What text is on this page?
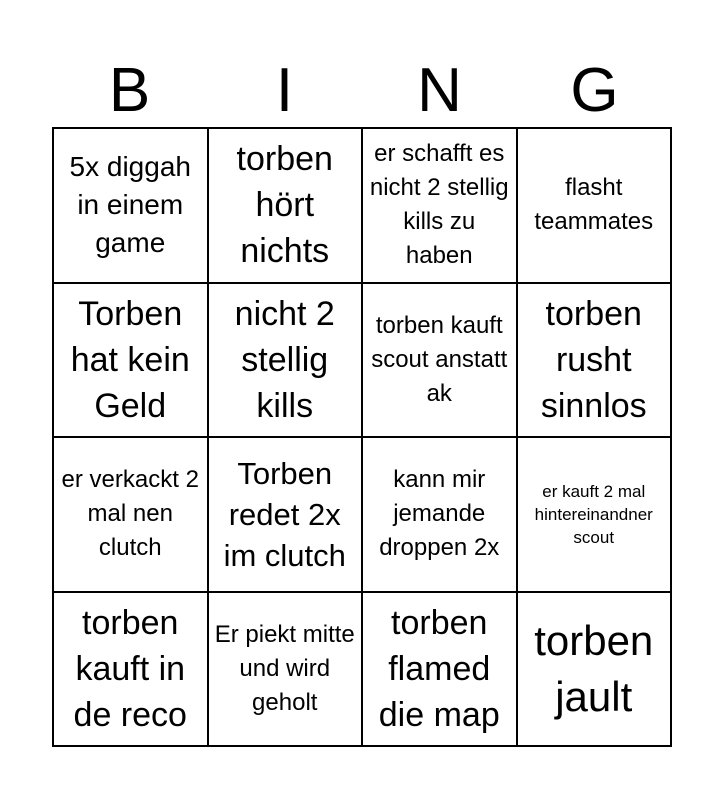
B	I	N	G
5x diggah in einem game
torben hört nichts
er schafft es nicht 2 stellig kills zu haben
flasht teammates
Torben hat kein Geld
nicht 2 stellig kills
torben kauft scout anstatt ak
torben rusht sinnlos
er verkackt 2 mal nen clutch
Torben redet 2x im clutch
kann mir jemande droppen 2x
er kauft 2 mal hintereinandner scout
torben kauft in de reco
Er piekt mitte und wird geholt
torben flamed die map
torben jault
